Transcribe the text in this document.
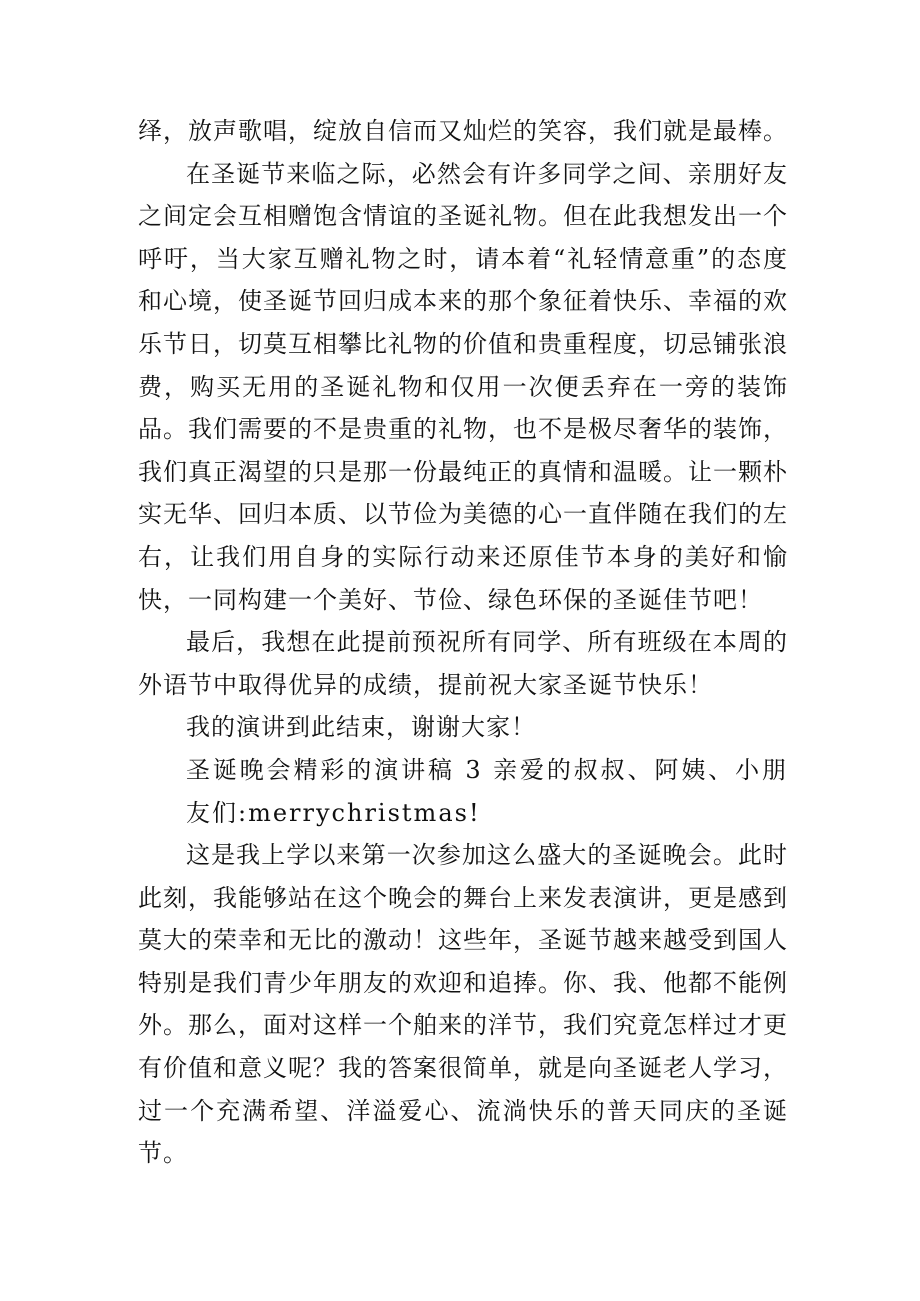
绎，放声歌唱，绽放自信而又灿烂的笑容，我们就是最棒。

在圣诞节来临之际，必然会有许多同学之间、亲朋好友之间定会互相赠饱含情谊的圣诞礼物。但在此我想发出一个呼吁，当大家互赠礼物之时，请本着“礼轻情意重”的态度和心境，使圣诞节回归成本来的那个象征着快乐、幸福的欢乐节日，切莫互相攀比礼物的价值和贵重程度，切忌铺张浪费，购买无用的圣诞礼物和仅用一次便丢弃在一旁的装饰品。我们需要的不是贵重的礼物，也不是极尽奢华的装饰，我们真正渴望的只是那一份最纯正的真情和温暖。让一颗朴实无华、回归本质、以节俭为美德的心一直伴随在我们的左右，让我们用自身的实际行动来还原佳节本身的美好和愉快，一同构建一个美好、节俭、绿色环保的圣诞佳节吧！

最后，我想在此提前预祝所有同学、所有班级在本周的外语节中取得优异的成绩，提前祝大家圣诞节快乐！

我的演讲到此结束，谢谢大家！

圣诞晚会精彩的演讲稿 3 亲爱的叔叔、阿姨、小朋友们:merrychristmas!

这是我上学以来第一次参加这么盛大的圣诞晚会。此时此刻，我能够站在这个晚会的舞台上来发表演讲，更是感到莫大的荣幸和无比的激动！这些年，圣诞节越来越受到国人特别是我们青少年朋友的欢迎和追捧。你、我、他都不能例外。那么，面对这样一个舶来的洋节，我们究竟怎样过才更有价值和意义呢？我的答案很简单，就是向圣诞老人学习，过一个充满希望、洋溢爱心、流淌快乐的普天同庆的圣诞节。
